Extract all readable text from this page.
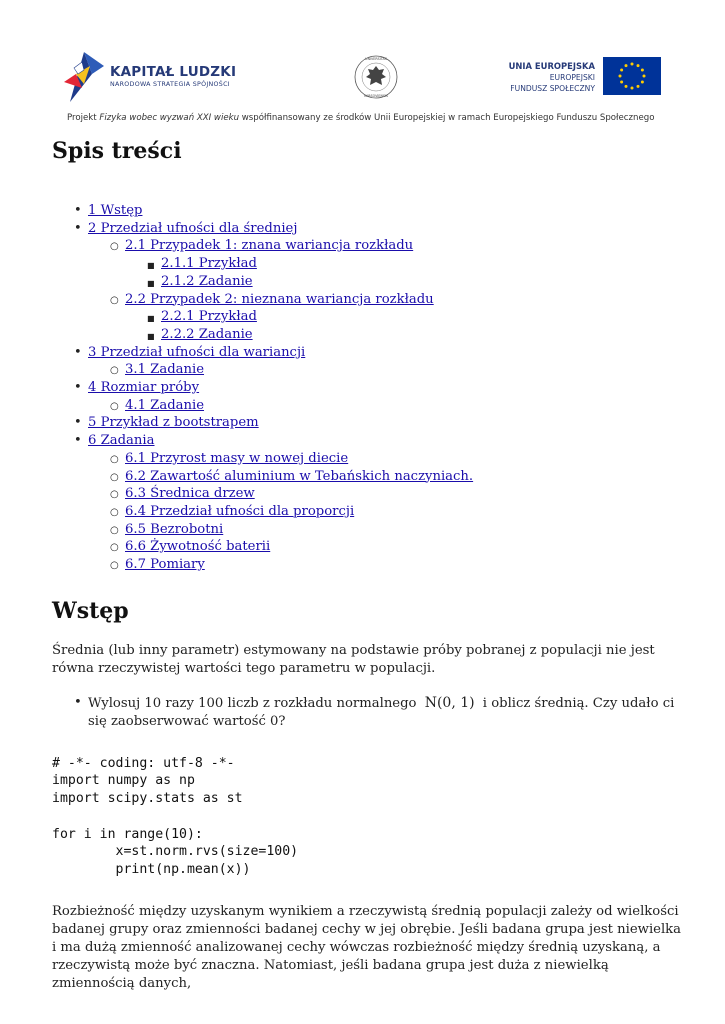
KAPITAŁ LUDZKI
NARODOWA STRATEGIA SPÓJNOŚCI
UNIVERSITAS
VARSOVIENSIS
UNIA EUROPEJSKA
EUROPEJSKI
FUNDUSZ SPOŁECZNY
Projekt Fizyka wobec wyzwań XXI wieku współfinansowany ze środków Unii Europejskiej w ramach Europejskiego Funduszu Społecznego
Spis treści
• 1 Wstęp
• 2 Przedział ufności dla średniej
○ 2.1 Przypadek 1: znana wariancja rozkładu
■ 2.1.1 Przykład
■ 2.1.2 Zadanie
○ 2.2 Przypadek 2: nieznana wariancja rozkładu
■ 2.2.1 Przykład
■ 2.2.2 Zadanie
• 3 Przedział ufności dla wariancji
○ 3.1 Zadanie
• 4 Rozmiar próby
○ 4.1 Zadanie
• 5 Przykład z bootstrapem
• 6 Zadania
○ 6.1 Przyrost masy w nowej diecie
○ 6.2 Zawartość aluminium w Tebańskich naczyniach.
○ 6.3 Średnica drzew
○ 6.4 Przedział ufności dla proporcji
○ 6.5 Bezrobotni
○ 6.6 Żywotność baterii
○ 6.7 Pomiary
Wstęp

Średnia (lub inny parametr) estymowany na podstawie próby pobranej z populacji nie jest równa rzeczywistej wartości tego parametru w populacji.

• Wylosuj 10 razy 100 liczb z rozkładu normalnego N(0, 1) i oblicz średnią. Czy udało ci się zaobserwować wartość 0?
# -*- coding: utf-8 -*-
import numpy as np
import scipy.stats as st

for i in range(10):
x=st.norm.rvs(size=100)
print(np.mean(x))

Rozbieżność między uzyskanym wynikiem a rzeczywistą średnią populacji zależy od wielkości badanej grupy oraz zmienności badanej cechy w jej obrębie. Jeśli badana grupa jest niewielka i ma dużą zmienność analizowanej cechy wówczas rozbieżność między średnią uzyskaną, a rzeczywistą może być znaczna. Natomiast, jeśli badana grupa jest duża z niewielką zmiennością danych,
